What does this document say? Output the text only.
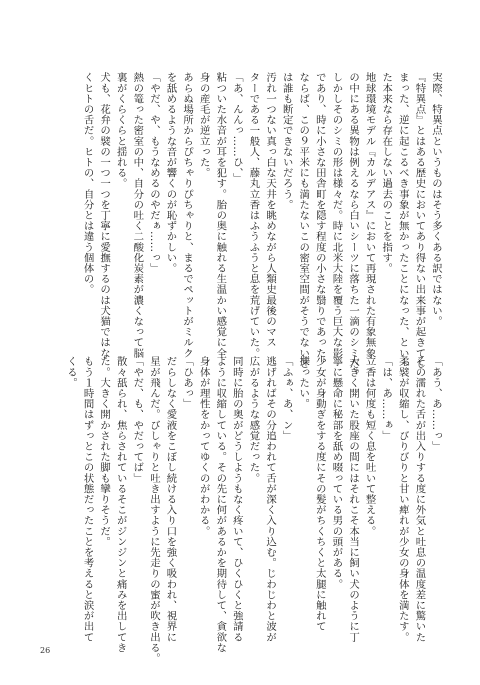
実際、特異点というものはそう多くある訳ではない。
『特異点』とはある歴史においてあり得ない出来事が起きてし
まった、逆に起こるべき事象が無かったことになった、といっ
た本来なら存在しない過去のことを指す。
地球環境モデル『カルデアス』において再現された有象無象
の中にある異物は例えるなら白いシーツに落ちた一滴のシミだ。
しかしそのシミの形は様々だ。時に北米大陸を覆う巨大な影
であり、時に小さな田舎町を隠す程度の小さな翳りであった。
ならば、この９平米にも満たないこの密室空間がそうでないと
は誰も断定できないだろう。
汚れ一つない真っ白な天井を眺めながら人類史最後のマス
ターである一般人、藤丸立香はふうふうと息を荒げていた。
「あ、んんっ……ひ、」
粘ついた水音が耳を犯す。胎の奥に触れる生温かい感覚に全
身の産毛が逆立った。
あらぬ場所からぴちゃりぴちゃりと、まるでペットがミルク
を舐めるような音が響くのが恥ずかしい。
「やだ、や、もうなめるのやだぁ……っ」
熱の篭った密室の中、自分の吐く二酸化炭素が濃くなって脳
裏がくらくらと揺れる。
犬も、花弁の襞の一つ一つを丁寧に愛撫するのは犬猫ではな
くヒトの舌だ。ヒトの、自分とは違う個体の。
「あう、あ……っ」
その濡れた舌が出入りする度に外気と吐息の温度差に驚いた
柔襞が収縮し、びりびりと甘い痺れが少女の身体を満たす。
「は、あ……ぁ」
立香は何度も短く息を吐いて整える。
大きく開いた股座の間にはそれこそ本当に飼い犬のように丁
寧に懸命に秘部を舐め啜っている男の頭がある。
少女が身動ぎをする度にその髪がちくちくと太腿に触れて
擽ったい。
「ふぁ、あ、ン」
逃げればその分追われて舌が深く入り込む。じわじわと波が
広がるような感覚だった。
同時に胎の奥がどうしようもなく疼いて、ひくひくと強請る
ように収縮している。その先に何があるかを期待して、貪欲な
身体が理性をかってゆくのがわかる。
「ひあっ」
だらしなく愛液をこぼし続ける入り口を強く吸われ、視界に
星が飛んだ。びしゃりと吐き出すように先走りの蜜が吹き出る。
「やだ、も、やだってば」
散々舐られ、焦らされているそこがジンジンと痛みを出してき
た。大きく開かされた脚も攣りそうだ。
もう１時間はずっとこの状態だったことを考えると涙が出て
くる。
26
